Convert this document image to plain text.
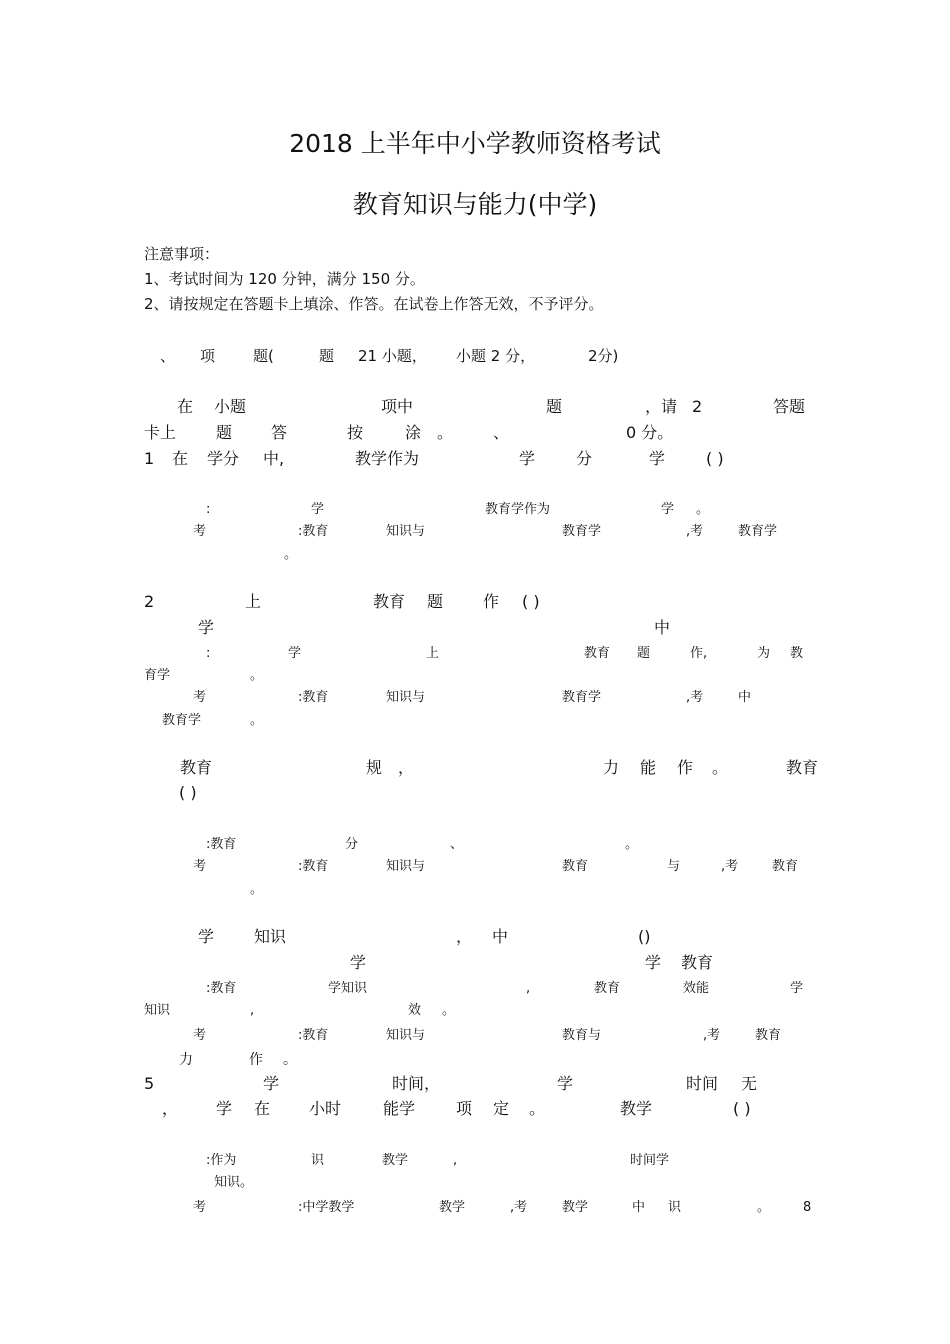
2018 上半年中小学教师资格考试
教育知识与能力(中学)
注意事项：
1、考试时间为 120 分钟，满分 150 分。
2、请按规定在答题卡上填涂、作答。在试卷上作答无效，不予评分。
、 项	题(	题 21 小题， 小题 2 分，	2分)
在 小题	项中	题	，请 2	答题
卡上 题 答	按	涂 。 、	0 分。
1 在 学分 中,	教学作为	学	分	学	( )
:	学	教育学作为	学 。
考	:教育	知识与	教育学	,考	教育学
。
2	上	教育 题 作 ( )
学	中
:	学	上	教育 题	作,	为 教
育学	。
考	:教育	知识与	教育学	,考	中
教育学	。
教育	规 ，	力 能 作 。	教育
( )
:教育	分	、	。
考	:教育	知识与	教育	与	,考	教育
。
学 知识	， 中	()
学	学 教育
:教育	学知识	,	教育	效能	学
知识	,	效 。
考	:教育	知识与	教育与	,考	教育
力	作 。
5	学	时间，	学	时间 无
， 学 在 小时	能学	项 定 。	教学	( )
:作为	识	教学	,	时间学
知识。
考	:中学教学	教学	,考	教学	中 识	。	8
